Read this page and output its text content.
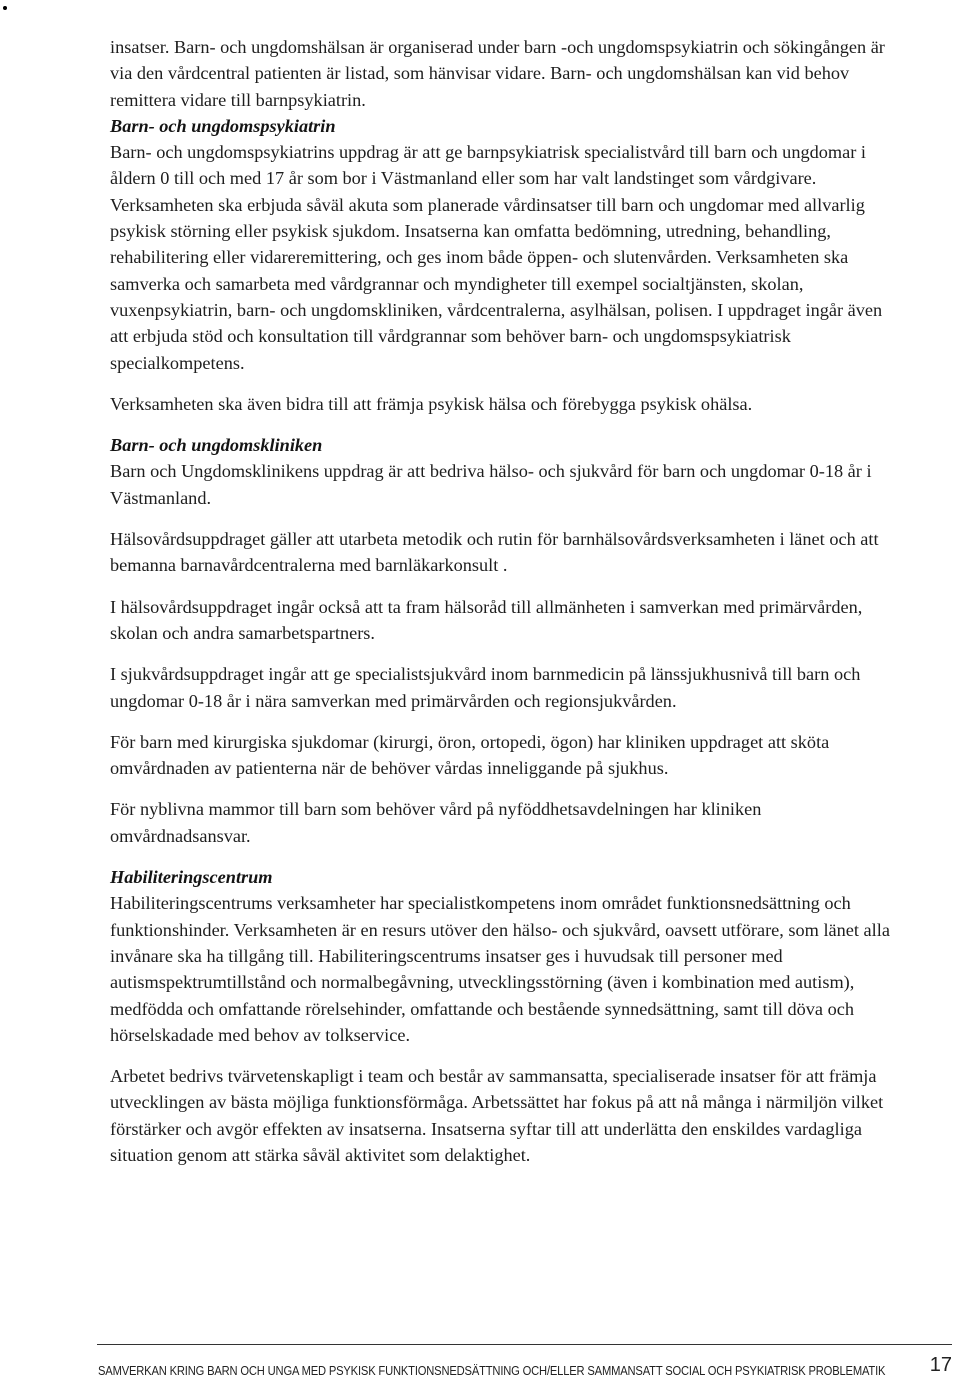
insatser. Barn- och ungdomshälsan är organiserad under barn -och ungdomspsykiatrin och sökingången är via den vårdcentral patienten är listad, som hänvisar vidare. Barn- och ungdomshälsan kan vid behov remittera vidare till barnpsykiatrin.

Barn- och ungdomspsykiatrin

Barn- och ungdomspsykiatrins uppdrag är att ge barnpsykiatrisk specialistvård till barn och ungdomar i åldern 0 till och med 17 år som bor i Västmanland eller som har valt landstinget som vårdgivare. Verksamheten ska erbjuda såväl akuta som planerade vårdinsatser till barn och ungdomar med allvarlig psykisk störning eller psykisk sjukdom. Insatserna kan omfatta bedömning, utredning, behandling, rehabilitering eller vidareremittering, och ges inom både öppen- och slutenvården. Verksamheten ska samverka och samarbeta med vårdgrannar och myndigheter till exempel socialtjänsten, skolan, vuxenpsykiatrin, barn- och ungdomskliniken, vårdcentralerna, asylhälsan, polisen. I uppdraget ingår även att erbjuda stöd och konsultation till vårdgrannar som behöver barn- och ungdomspsykiatrisk specialkompetens.

Verksamheten ska även bidra till att främja psykisk hälsa och förebygga psykisk ohälsa.

Barn- och ungdomskliniken

Barn och Ungdomsklinikens uppdrag är att bedriva hälso- och sjukvård för barn och ungdomar 0-18 år i Västmanland.

Hälsovårdsuppdraget gäller att utarbeta metodik och rutin för barnhälsovårdsverksamheten i länet och att bemanna barnavårdcentralerna med barnläkarkonsult .

I hälsovårdsuppdraget ingår också att ta fram hälsoråd till allmänheten i samverkan med primärvården, skolan och andra samarbetspartners.

I sjukvårdsuppdraget ingår att ge specialistsjukvård inom barnmedicin på länssjukhusnivå till barn och ungdomar 0-18 år i nära samverkan med primärvården och regionsjukvården.

För barn med kirurgiska sjukdomar (kirurgi, öron, ortopedi, ögon) har kliniken uppdraget att sköta omvårdnaden av patienterna när de behöver vårdas inneliggande på sjukhus.

För nyblivna mammor till barn som behöver vård på nyföddhetsavdelningen har kliniken omvårdnadsansvar.

Habiliteringscentrum

Habiliteringscentrums verksamheter har specialistkompetens inom området funktionsnedsättning och funktionshinder. Verksamheten är en resurs utöver den hälso- och sjukvård, oavsett utförare, som länet alla invånare ska ha tillgång till. Habiliteringscentrums insatser ges i huvudsak till personer med autismspektrumtillstånd och normalbegåvning, utvecklingsstörning (även i kombination med autism), medfödda och omfattande rörelsehinder, omfattande och bestående synnedsättning, samt till döva och hörselskadade med behov av tolkservice.

Arbetet bedrivs tvärvetenskapligt i team och består av sammansatta, specialiserade insatser för att främja utvecklingen av bästa möjliga funktionsförmåga. Arbetssättet har fokus på att nå många i närmiljön vilket förstärker och avgör effekten av insatserna. Insatserna syftar till att underlätta den enskildes vardagliga situation genom att stärka såväl aktivitet som delaktighet.

SAMVERKAN KRING BARN OCH UNGA MED PSYKISK FUNKTIONSNEDSÄTTNING OCH/ELLER SAMMANSATT SOCIAL OCH PSYKIATRISK PROBLEMATIK 17
